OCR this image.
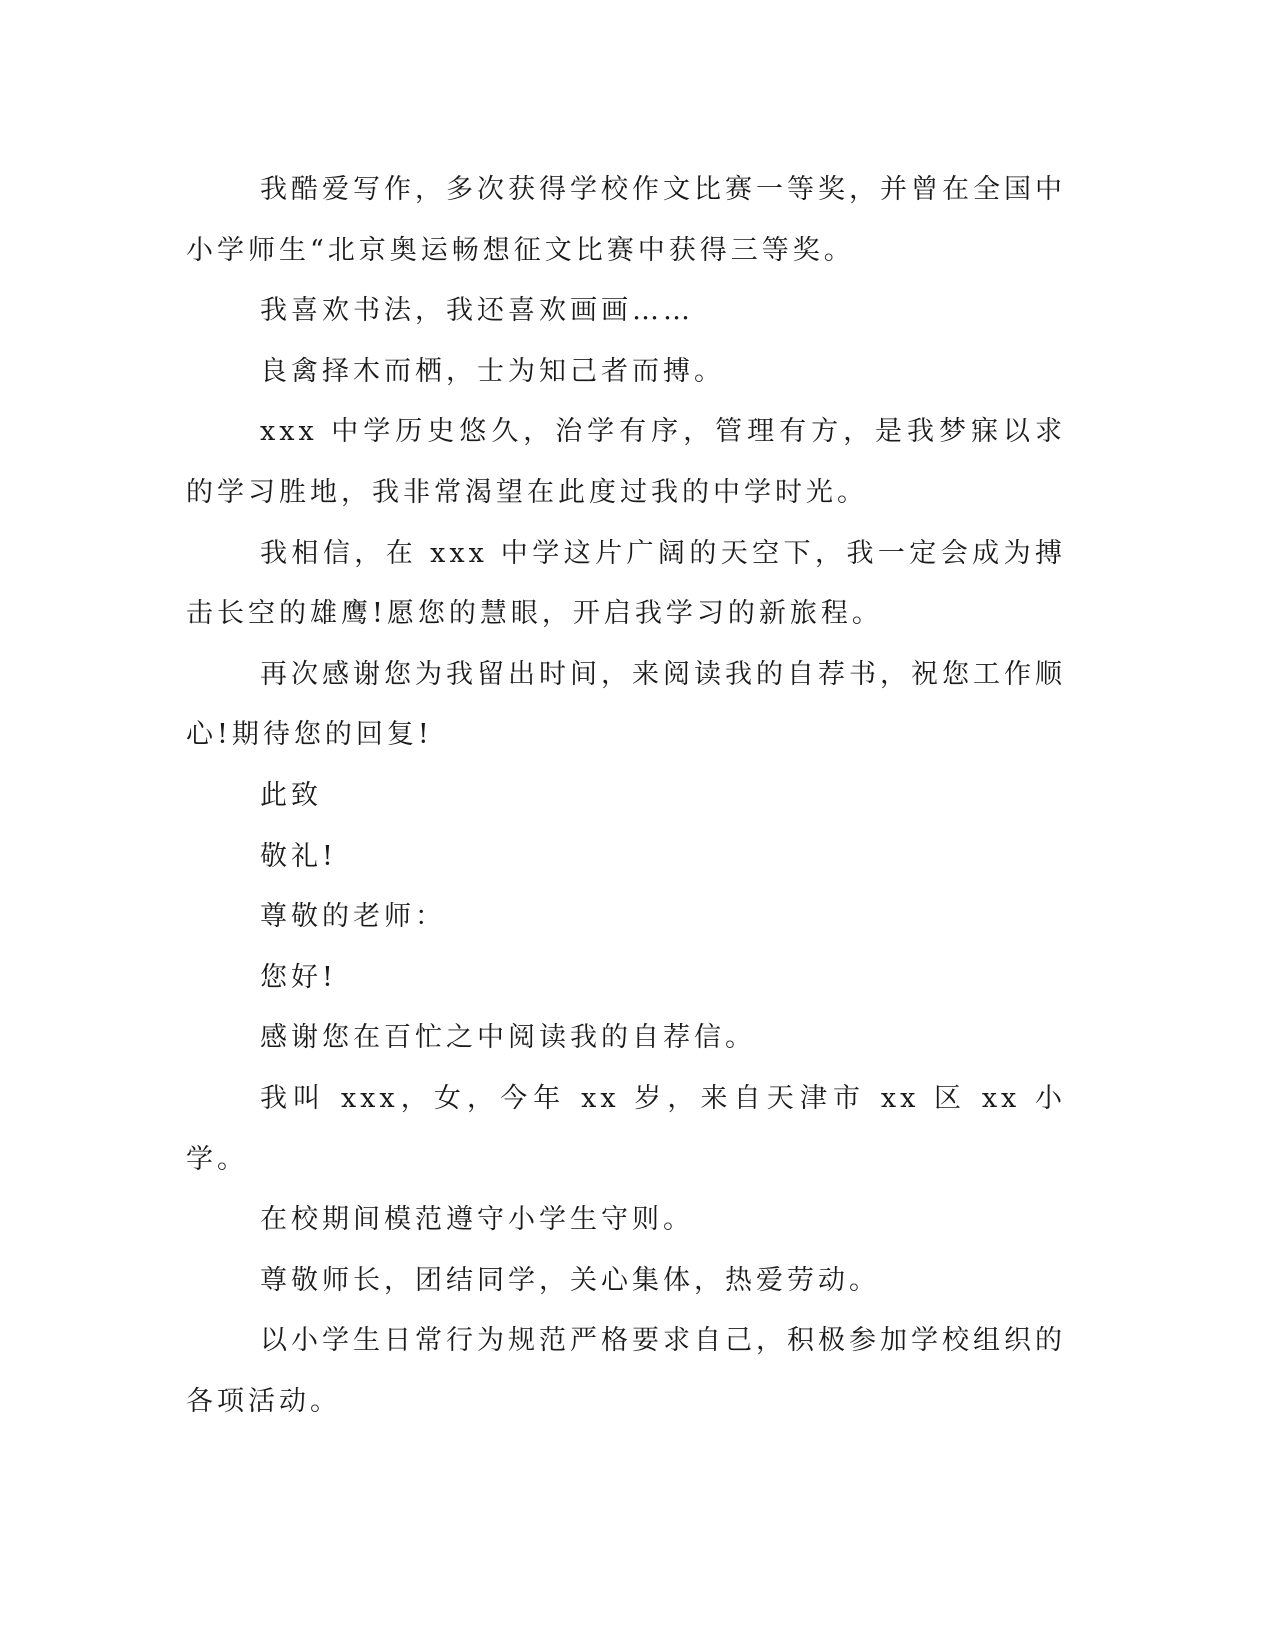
我酷爱写作，多次获得学校作文比赛一等奖，并曾在全国中小学师生“北京奥运畅想征文比赛中获得三等奖。

我喜欢书法，我还喜欢画画……

良禽择木而栖，士为知己者而搏。

xxx 中学历史悠久，治学有序，管理有方，是我梦寐以求的学习胜地，我非常渴望在此度过我的中学时光。

我相信，在 xxx 中学这片广阔的天空下，我一定会成为搏击长空的雄鹰!愿您的慧眼，开启我学习的新旅程。

再次感谢您为我留出时间，来阅读我的自荐书，祝您工作顺心!期待您的回复!

此致

敬礼!

尊敬的老师：

您好!

感谢您在百忙之中阅读我的自荐信。

我叫 xxx，女，今年 xx 岁，来自天津市 xx 区 xx 小学。

在校期间模范遵守小学生守则。

尊敬师长，团结同学，关心集体，热爱劳动。

以小学生日常行为规范严格要求自己，积极参加学校组织的各项活动。
